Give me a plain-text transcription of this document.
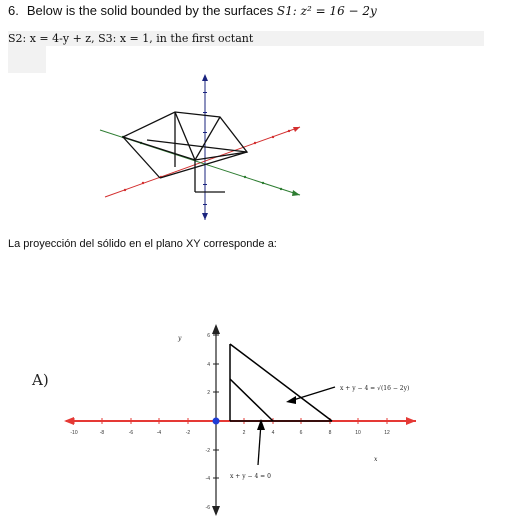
6. Below is the solid bounded by the surfaces S1: z² = 16 − 2y
S2: x = 4-y + z, S3: x = 1, in the first octant
La proyección del sólido en el plano XY corresponde a:
A)
y
x
-10	-8	-6	-4	-2	2	4	6	8	10	12
6
4
2
-2
-4
-6
x + y − 4 = √(16 − 2y)
x + y − 4 = 0
